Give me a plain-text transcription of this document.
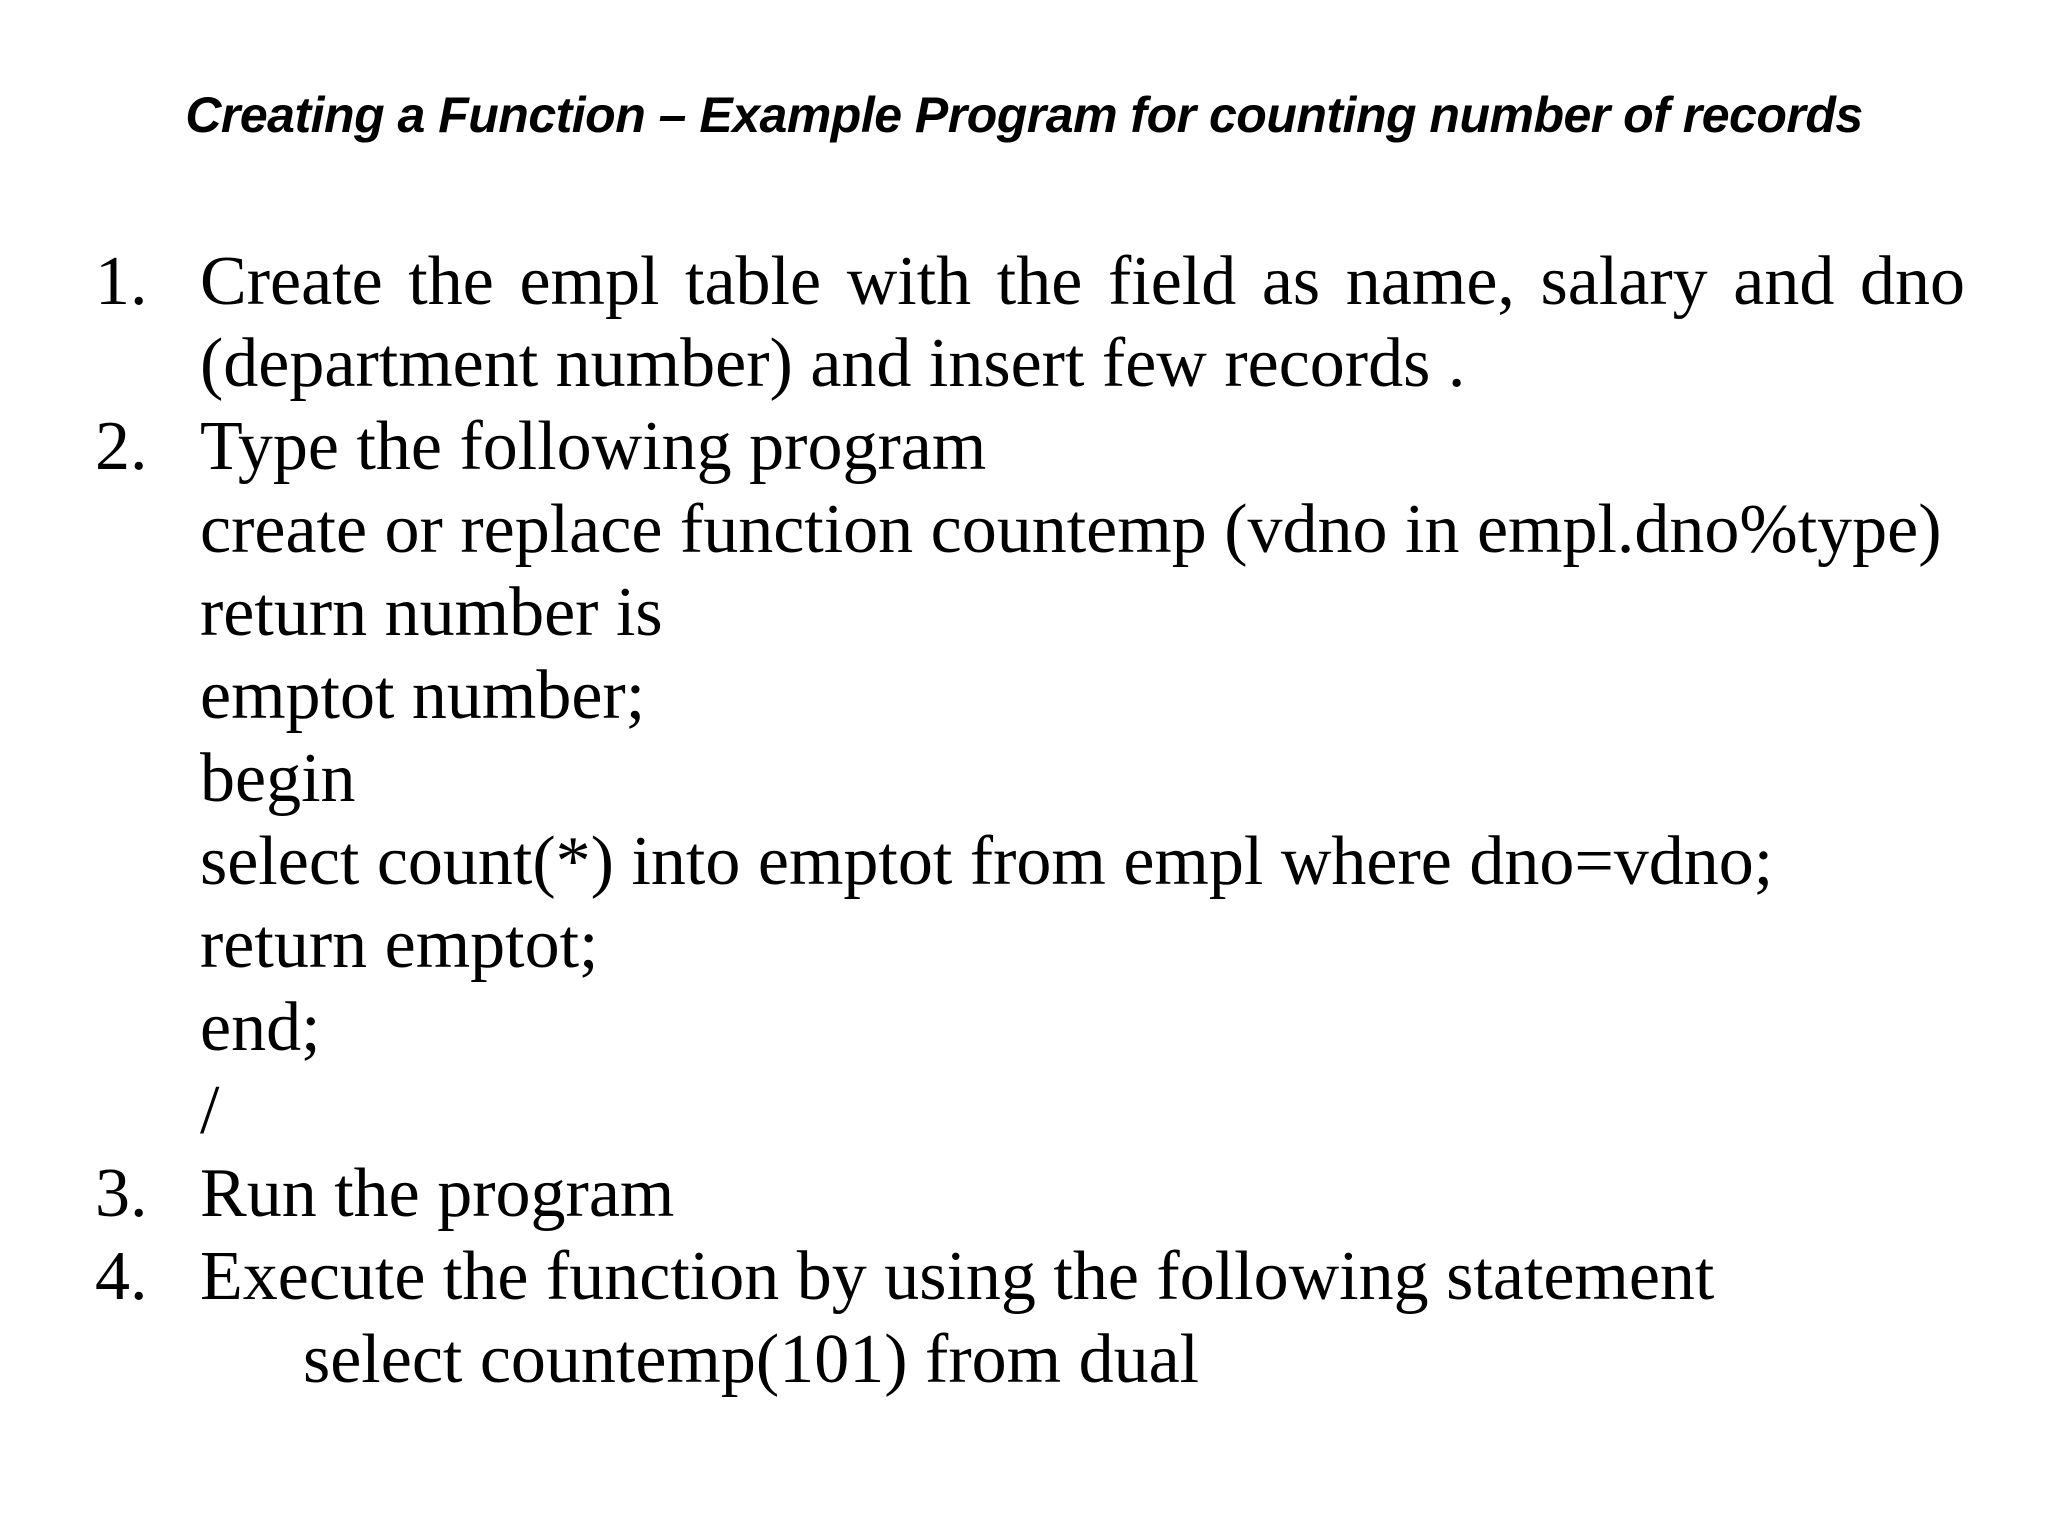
Creating a Function – Example Program for counting number of records
1. Create the empl table with the field as name, salary and dno
(department number) and insert few records .
2. Type the following program
create or replace function countemp (vdno in empl.dno%type)
return number is
emptot number;
begin
select count(*) into emptot from empl where dno=vdno;
return emptot;
end;
/
3. Run the program
4. Execute the function by using the following statement
select countemp(101) from dual
